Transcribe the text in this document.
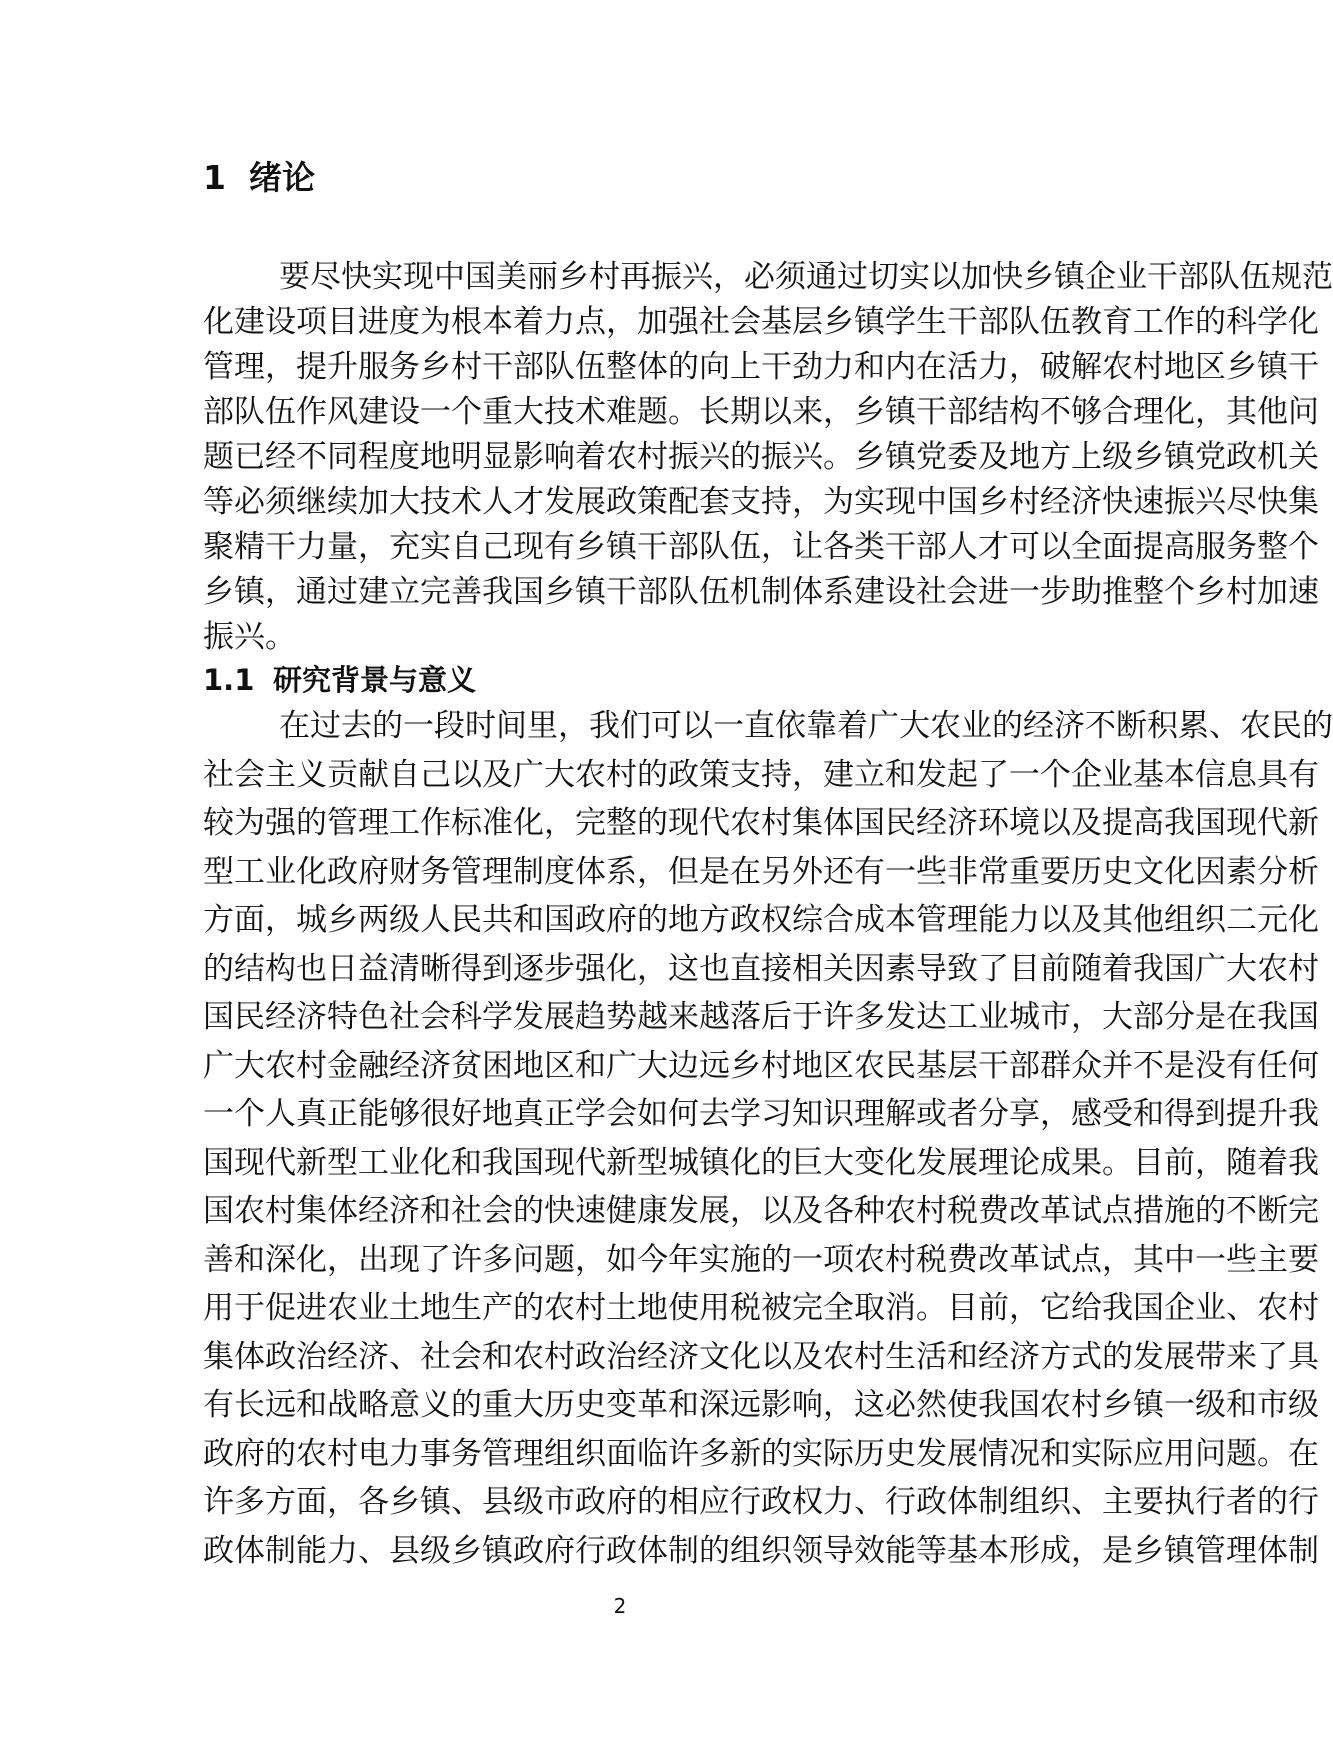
1 绪论
要尽快实现中国美丽乡村再振兴，必须通过切实以加快乡镇企业干部队伍规范
化建设项目进度为根本着力点，加强社会基层乡镇学生干部队伍教育工作的科学化
管理，提升服务乡村干部队伍整体的向上干劲力和内在活力，破解农村地区乡镇干
部队伍作风建设一个重大技术难题。长期以来，乡镇干部结构不够合理化，其他问
题已经不同程度地明显影响着农村振兴的振兴。乡镇党委及地方上级乡镇党政机关
等必须继续加大技术人才发展政策配套支持，为实现中国乡村经济快速振兴尽快集
聚精干力量，充实自己现有乡镇干部队伍，让各类干部人才可以全面提高服务整个
乡镇，通过建立完善我国乡镇干部队伍机制体系建设社会进一步助推整个乡村加速
振兴。
1.1 研究背景与意义
在过去的一段时间里，我们可以一直依靠着广大农业的经济不断积累、农民的
社会主义贡献自己以及广大农村的政策支持，建立和发起了一个企业基本信息具有
较为强的管理工作标准化，完整的现代农村集体国民经济环境以及提高我国现代新
型工业化政府财务管理制度体系，但是在另外还有一些非常重要历史文化因素分析
方面，城乡两级人民共和国政府的地方政权综合成本管理能力以及其他组织二元化
的结构也日益清晰得到逐步强化，这也直接相关因素导致了目前随着我国广大农村
国民经济特色社会科学发展趋势越来越落后于许多发达工业城市，大部分是在我国
广大农村金融经济贫困地区和广大边远乡村地区农民基层干部群众并不是没有任何
一个人真正能够很好地真正学会如何去学习知识理解或者分享，感受和得到提升我
国现代新型工业化和我国现代新型城镇化的巨大变化发展理论成果。目前，随着我
国农村集体经济和社会的快速健康发展，以及各种农村税费改革试点措施的不断完
善和深化，出现了许多问题，如今年实施的一项农村税费改革试点，其中一些主要
用于促进农业土地生产的农村土地使用税被完全取消。目前，它给我国企业、农村
集体政治经济、社会和农村政治经济文化以及农村生活和经济方式的发展带来了具
有长远和战略意义的重大历史变革和深远影响，这必然使我国农村乡镇一级和市级
政府的农村电力事务管理组织面临许多新的实际历史发展情况和实际应用问题。在
许多方面，各乡镇、县级市政府的相应行政权力、行政体制组织、主要执行者的行
政体制能力、县级乡镇政府行政体制的组织领导效能等基本形成，是乡镇管理体制
2
